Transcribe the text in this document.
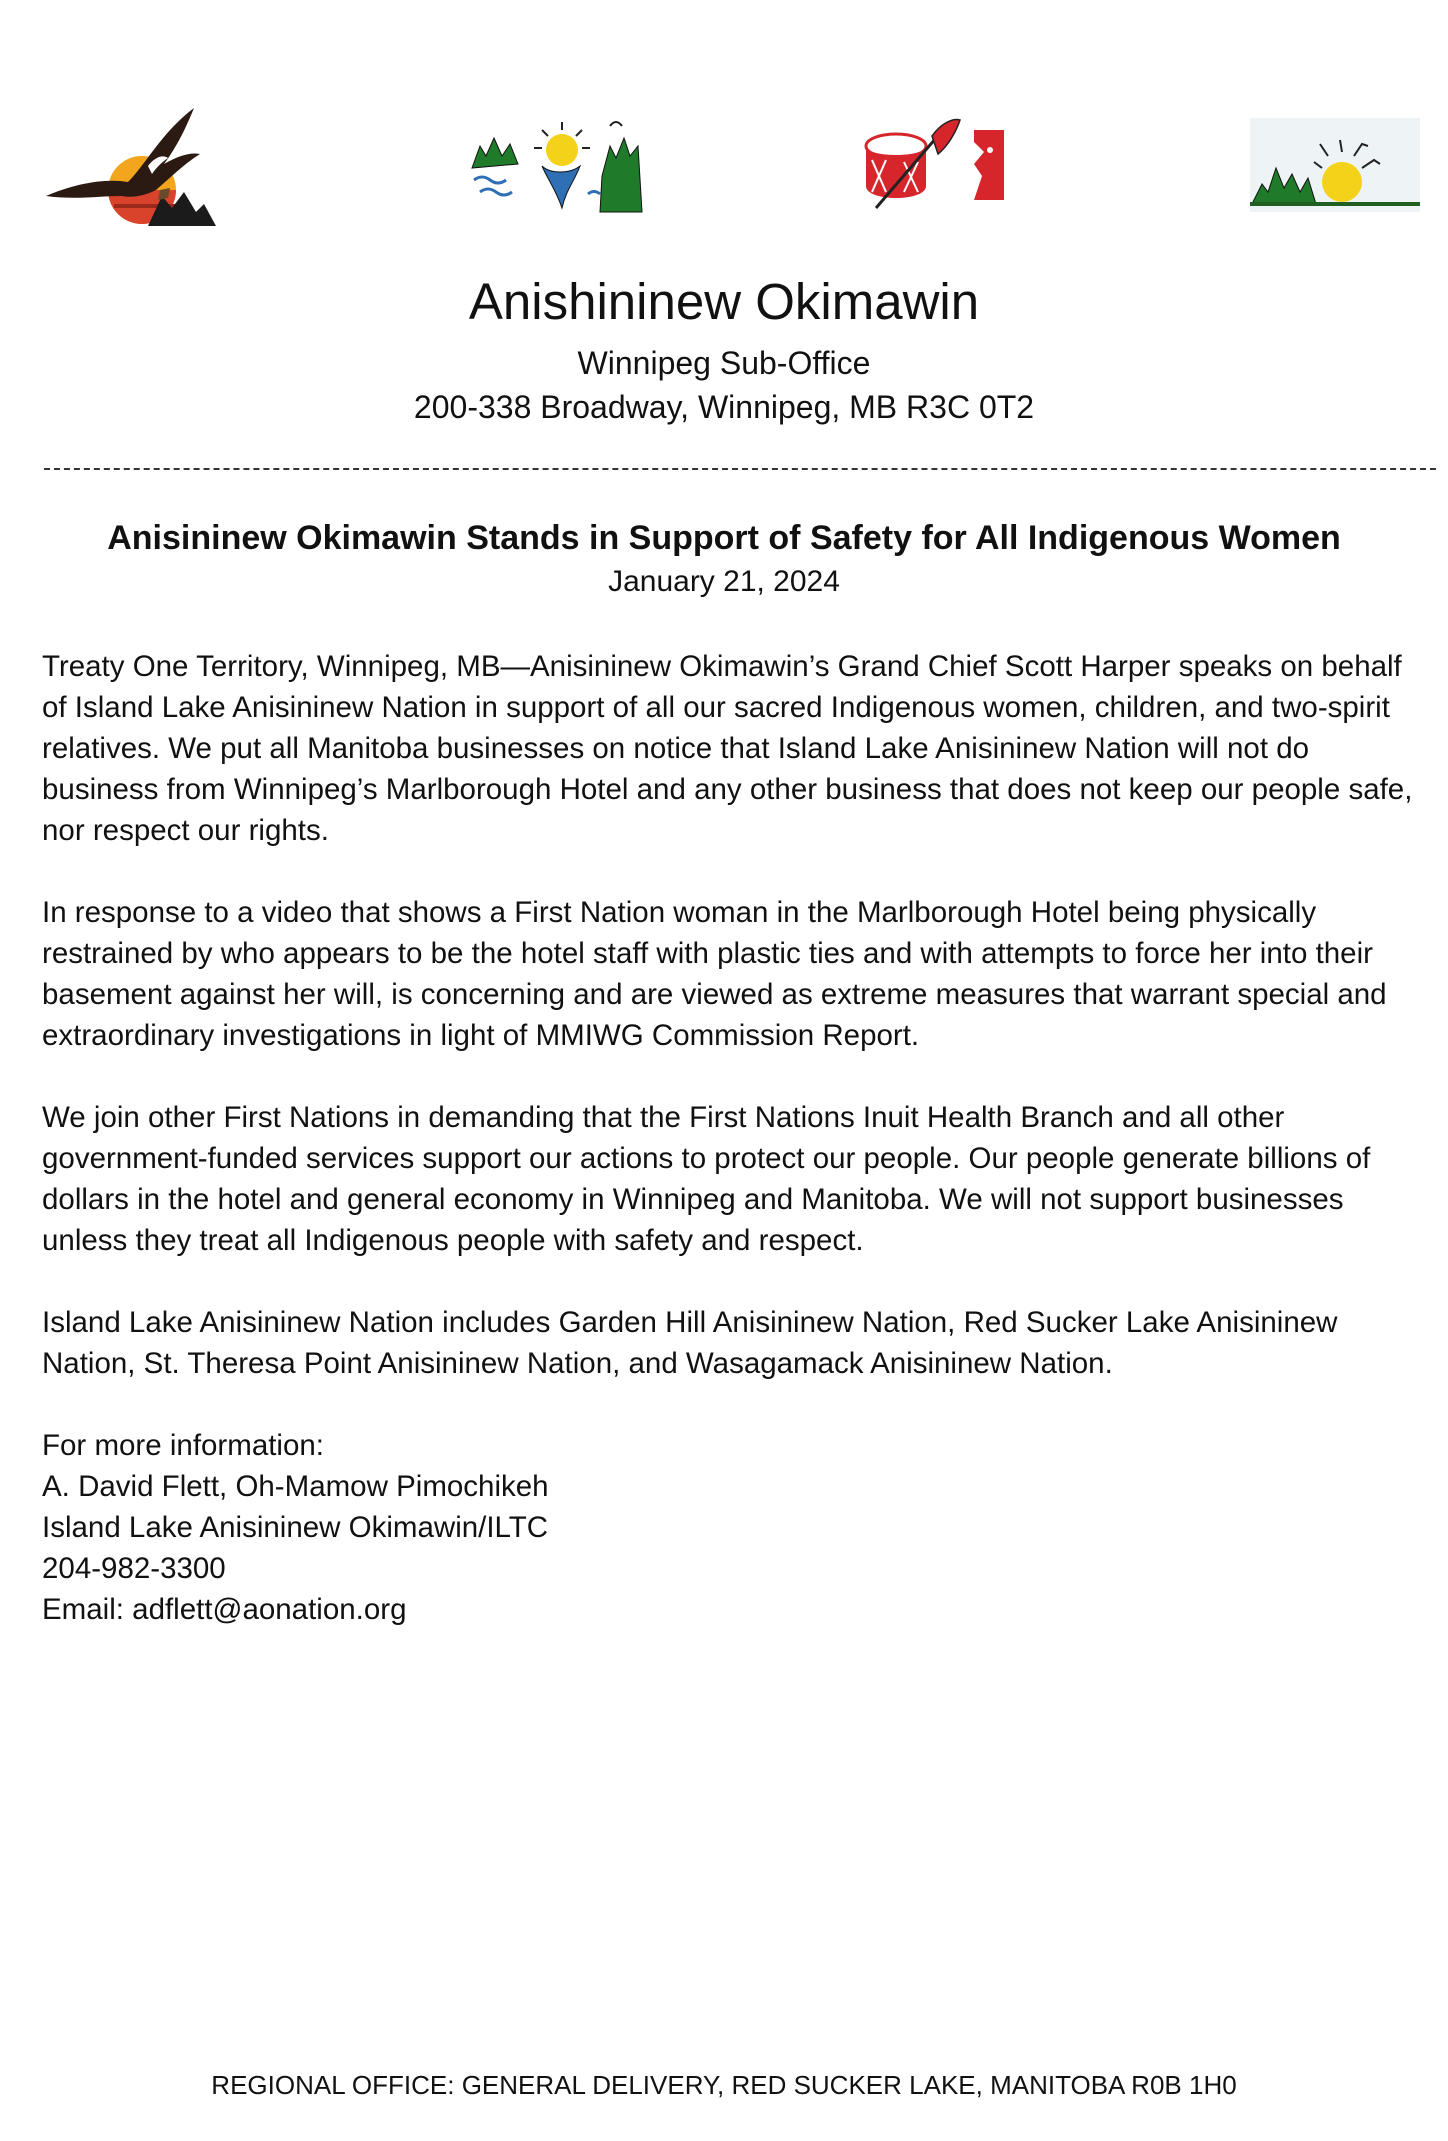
Anishininew Okimawin
Winnipeg Sub-Office
200-338 Broadway, Winnipeg, MB R3C 0T2
Anisininew Okimawin Stands in Support of Safety for All Indigenous Women
January 21, 2024

Treaty One Territory, Winnipeg, MB—Anisininew Okimawin’s Grand Chief Scott Harper speaks on behalf of Island Lake Anisininew Nation in support of all our sacred Indigenous women, children, and two-spirit relatives. We put all Manitoba businesses on notice that Island Lake Anisininew Nation will not do business from Winnipeg’s Marlborough Hotel and any other business that does not keep our people safe, nor respect our rights.

In response to a video that shows a First Nation woman in the Marlborough Hotel being physically restrained by who appears to be the hotel staff with plastic ties and with attempts to force her into their basement against her will, is concerning and are viewed as extreme measures that warrant special and extraordinary investigations in light of MMIWG Commission Report.

We join other First Nations in demanding that the First Nations Inuit Health Branch and all other government-funded services support our actions to protect our people. Our people generate billions of dollars in the hotel and general economy in Winnipeg and Manitoba. We will not support businesses unless they treat all Indigenous people with safety and respect.

Island Lake Anisininew Nation includes Garden Hill Anisininew Nation, Red Sucker Lake Anisininew Nation, St. Theresa Point Anisininew Nation, and Wasagamack Anisininew Nation.

For more information:
A. David Flett, Oh-Mamow Pimochikeh
Island Lake Anisininew Okimawin/ILTC
204-982-3300
Email: adflett@aonation.org
REGIONAL OFFICE: GENERAL DELIVERY, RED SUCKER LAKE, MANITOBA R0B 1H0
